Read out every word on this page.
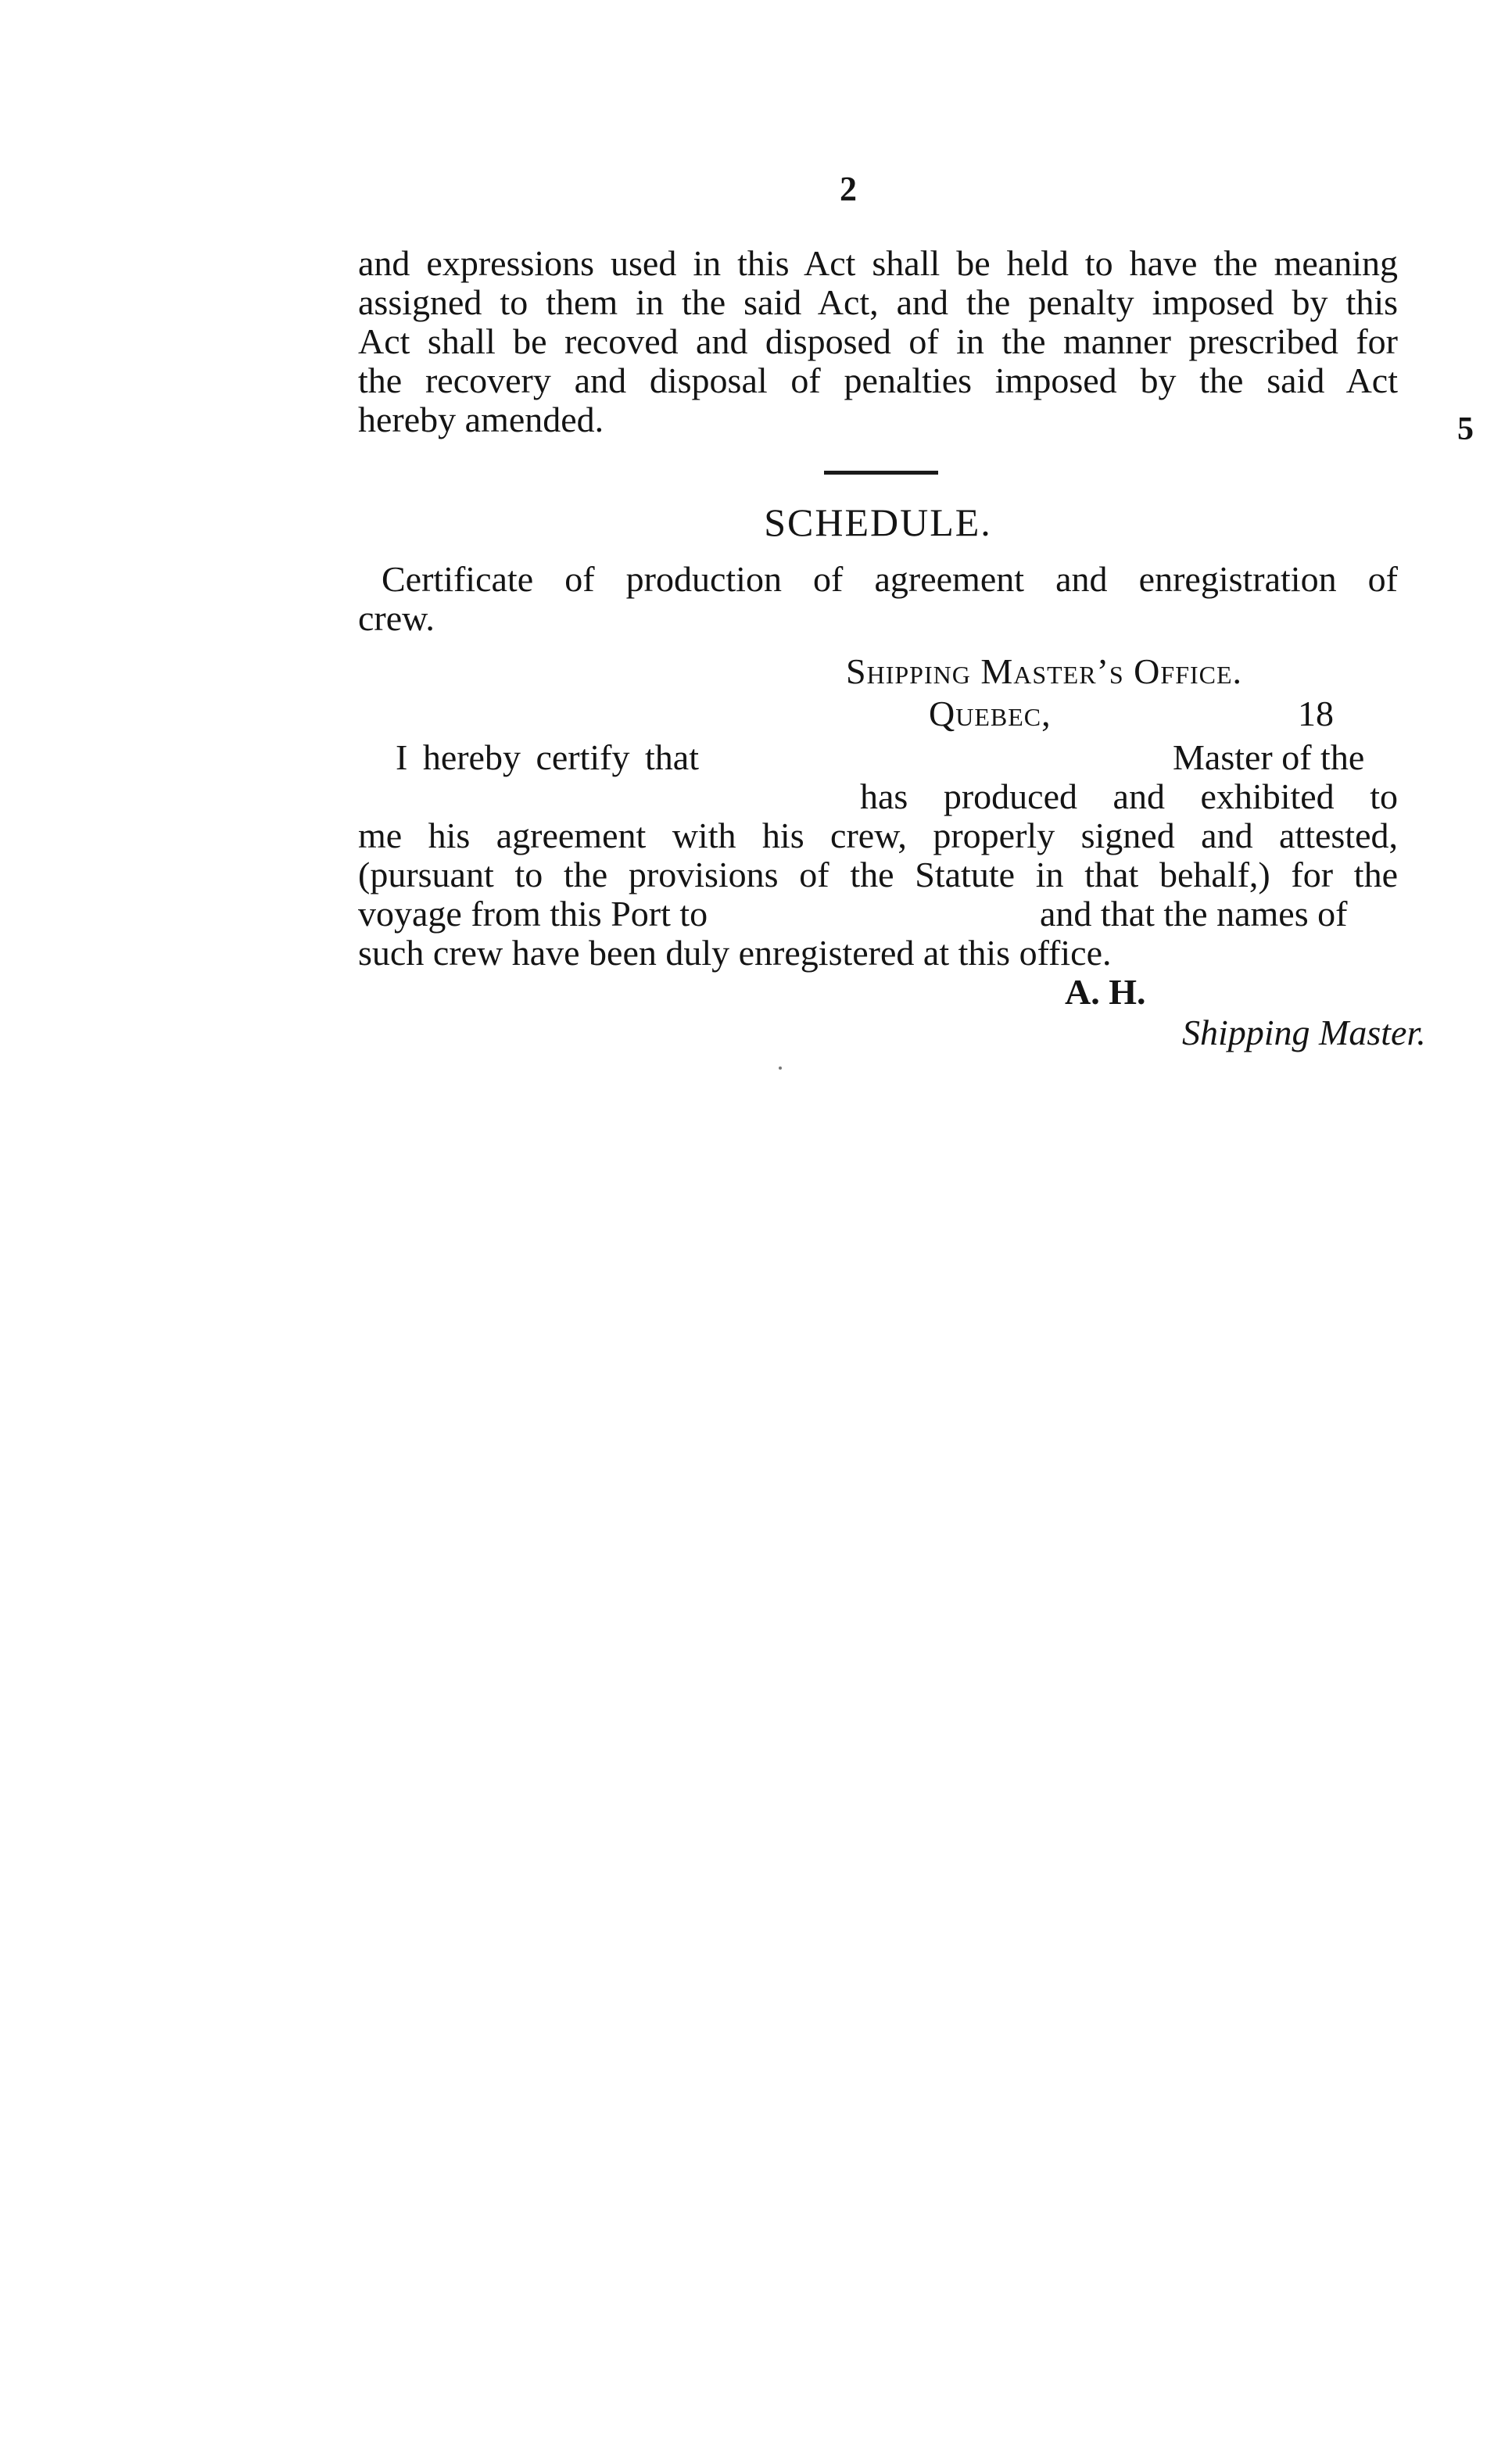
2
and expressions used in this Act shall be held to have the meaning
assigned to them in the said Act, and the penalty imposed by this
Act shall be recoved and disposed of in the manner prescribed for
the recovery and disposal of penalties imposed by the said Act
hereby amended.	5
SCHEDULE.
Certificate of production of agreement and enregistration of
crew.
Shipping Master’s Office.
Quebec,	18
I hereby certify that	Master of the
has produced and exhibited to
me his agreement with his crew, properly signed and attested,
(pursuant to the provisions of the Statute in that behalf,) for the
voyage from this Port to	and that the names of
such crew have been duly enregistered at this office.
A. H.
Shipping Master.
